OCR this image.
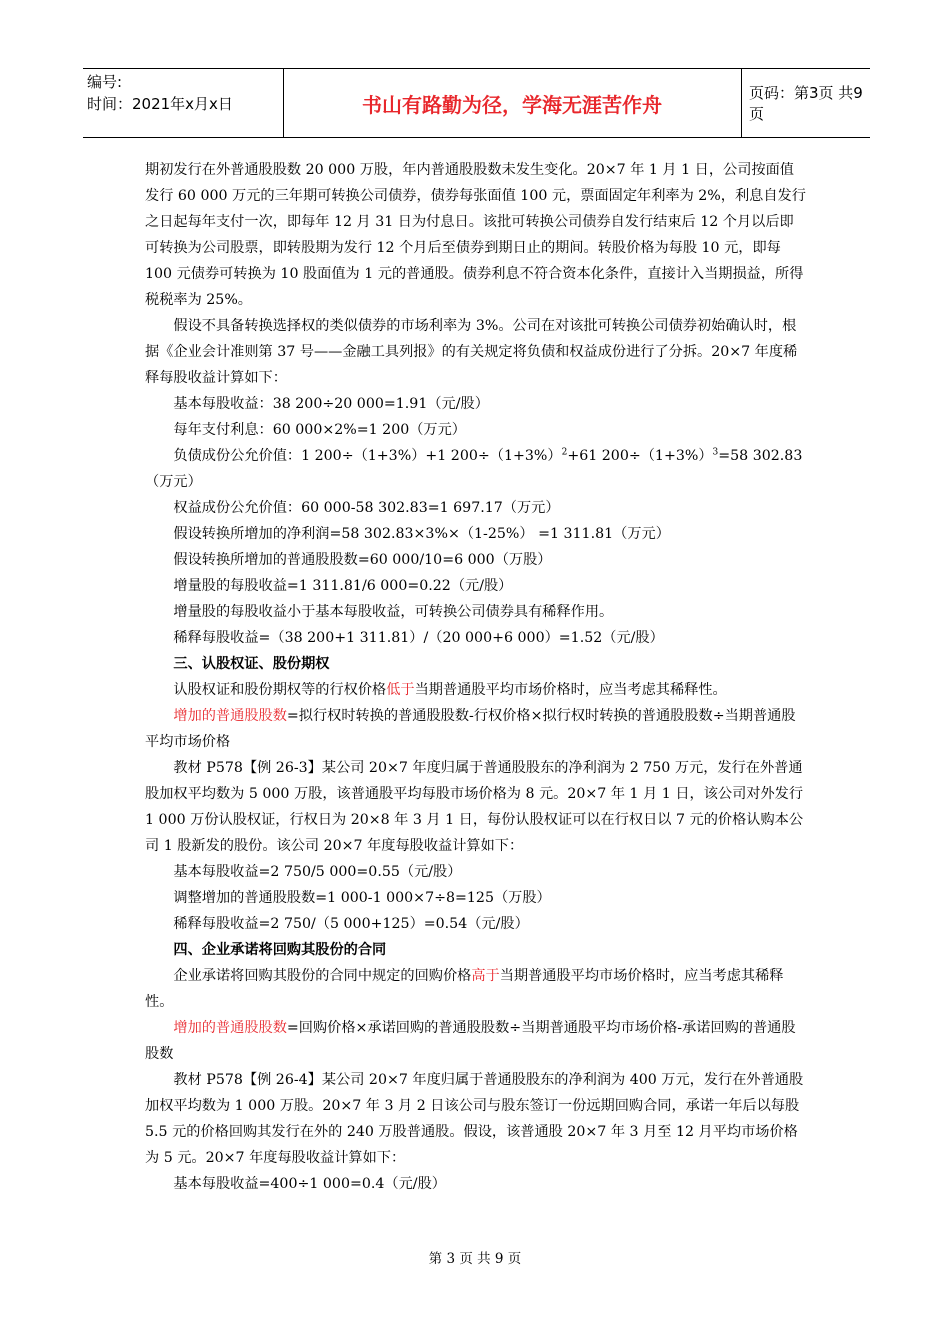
编号:
时间：2021年x月x日	书山有路勤为径，学海无涯苦作舟	页码：第3页 共9页

期初发行在外普通股股数 20 000 万股，年内普通股股数未发生变化。20×7 年 1 月 1 日，公司按面值发行 60 000 万元的三年期可转换公司债券，债券每张面值 100 元，票面固定年利率为 2%，利息自发行之日起每年支付一次，即每年 12 月 31 日为付息日。该批可转换公司债券自发行结束后 12 个月以后即可转换为公司股票，即转股期为发行 12 个月后至债券到期日止的期间。转股价格为每股 10 元，即每 100 元债券可转换为 10 股面值为 1 元的普通股。债券利息不符合资本化条件，直接计入当期损益，所得税税率为 25%。

假设不具备转换选择权的类似债券的市场利率为 3%。公司在对该批可转换公司债券初始确认时，根据《企业会计准则第 37 号——金融工具列报》的有关规定将负债和权益成份进行了分拆。20×7 年度稀释每股收益计算如下：

基本每股收益：38 200÷20 000=1.91（元/股）

每年支付利息：60 000×2%=1 200（万元）

负债成份公允价值：1 200÷（1+3%）+1 $200\div(1+3\%)^2+61$ $200\div(1+3\%)^3=58$ 302.83（万元）

权益成份公允价值：60 000-58 302.83=1 697.17（万元）

假设转换所增加的净利润=58 302.83×3%×（1-25%） =1 311.81（万元）

假设转换所增加的普通股股数=60 000/10=6 000（万股）

增量股的每股收益=1 311.81/6 000=0.22（元/股）

增量股的每股收益小于基本每股收益，可转换公司债券具有稀释作用。

稀释每股收益=（38 200+1 311.81）/（20 000+6 000）=1.52（元/股）

三、认股权证、股份期权

认股权证和股份期权等的行权价格低于当期普通股平均市场价格时，应当考虑其稀释性。

增加的普通股股数=拟行权时转换的普通股股数-行权价格×拟行权时转换的普通股股数÷当期普通股平均市场价格

教材 P578【例 26-3】某公司 20×7 年度归属于普通股股东的净利润为 2 750 万元，发行在外普通股加权平均数为 5 000 万股，该普通股平均每股市场价格为 8 元。20×7 年 1 月 1 日，该公司对外发行 1 000 万份认股权证，行权日为 20×8 年 3 月 1 日，每份认股权证可以在行权日以 7 元的价格认购本公司 1 股新发的股份。该公司 20×7 年度每股收益计算如下：

基本每股收益=2 750/5 000=0.55（元/股）

调整增加的普通股股数=1 000-1 000×7÷8=125（万股）

稀释每股收益=2 750/（5 000+125）=0.54（元/股）

四、企业承诺将回购其股份的合同

企业承诺将回购其股份的合同中规定的回购价格高于当期普通股平均市场价格时，应当考虑其稀释性。

增加的普通股股数=回购价格×承诺回购的普通股股数÷当期普通股平均市场价格-承诺回购的普通股股数

教材 P578【例 26-4】某公司 20×7 年度归属于普通股股东的净利润为 400 万元，发行在外普通股加权平均数为 1 000 万股。20×7 年 3 月 2 日该公司与股东签订一份远期回购合同，承诺一年后以每股 5.5 元的价格回购其发行在外的 240 万股普通股。假设，该普通股 20×7 年 3 月至 12 月平均市场价格为 5 元。20×7 年度每股收益计算如下：

基本每股收益=400÷1 000=0.4（元/股）

第 3 页 共 9 页
